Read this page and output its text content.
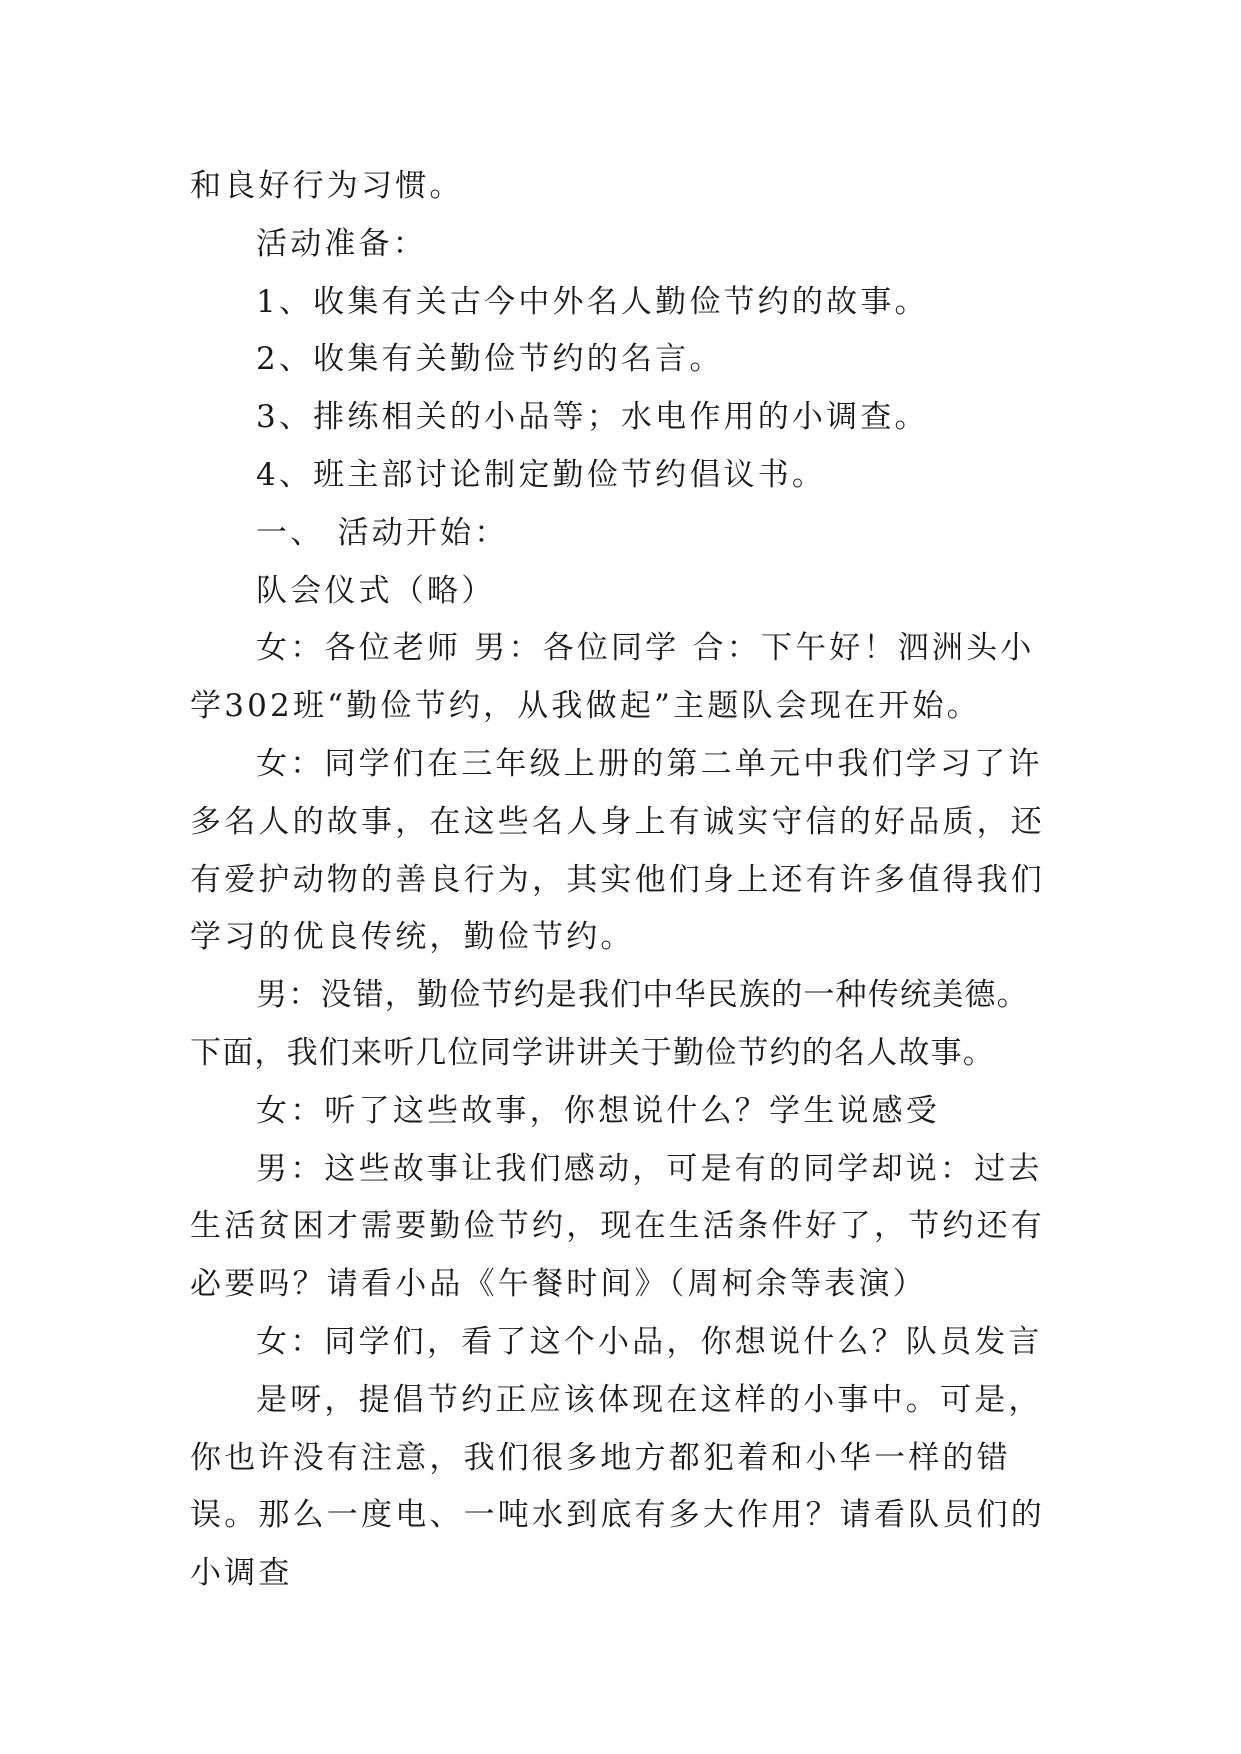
和良好行为习惯。

活动准备：

1、收集有关古今中外名人勤俭节约的故事。

2、收集有关勤俭节约的名言。

3、排练相关的小品等；水电作用的小调查。

4、班主部讨论制定勤俭节约倡议书。

一、 活动开始：

队会仪式（略）

女：各位老师 男：各位同学 合：下午好！泗洲头小学302班“勤俭节约，从我做起”主题队会现在开始。

女：同学们在三年级上册的第二单元中我们学习了许多名人的故事，在这些名人身上有诚实守信的好品质，还有爱护动物的善良行为，其实他们身上还有许多值得我们学习的优良传统，勤俭节约。

男：没错，勤俭节约是我们中华民族的一种传统美德。下面，我们来听几位同学讲讲关于勤俭节约的名人故事。

女：听了这些故事，你想说什么？学生说感受

男：这些故事让我们感动，可是有的同学却说：过去生活贫困才需要勤俭节约，现在生活条件好了，节约还有必要吗？请看小品《午餐时间》（周柯余等表演）

女：同学们，看了这个小品，你想说什么？队员发言

是呀，提倡节约正应该体现在这样的小事中。可是，你也许没有注意，我们很多地方都犯着和小华一样的错误。那么一度电、一吨水到底有多大作用？请看队员们的小调查
